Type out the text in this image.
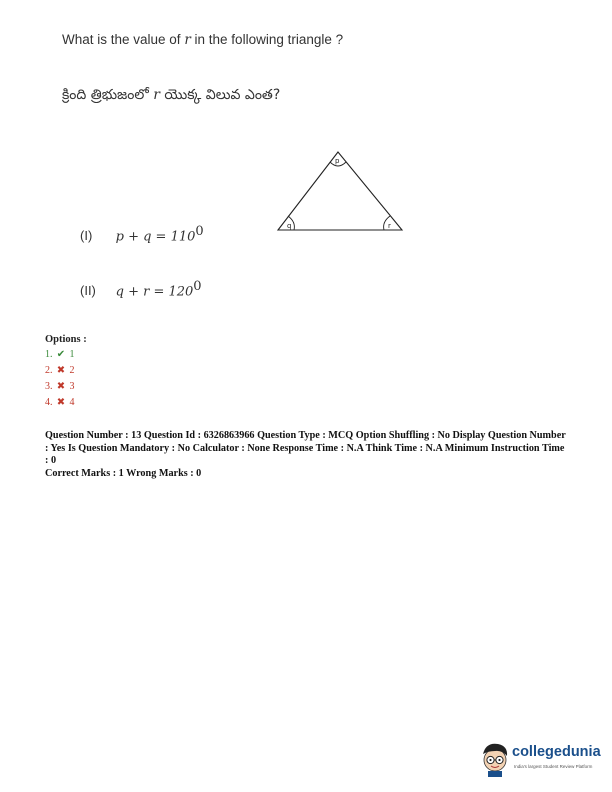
What is the value of r in the following triangle ?
క్రింది త్రిభుజంలో r యొక్క విలువ ఎంత?
p
q	r
(I) $p + q = 110^0$
(II) $q + r = 120^0$
Options :
1. ✔ 1
2. ✖ 2
3. ✖ 3
4. ✖ 4

Question Number : 13 Question Id : 6326863966 Question Type : MCQ Option Shuffling : No Display Question Number : Yes Is Question Mandatory : No Calculator : None Response Time : N.A Think Time : N.A Minimum Instruction Time : 0

Correct Marks : 1 Wrong Marks : 0

collegedunia
India's largest Student Review Platform
